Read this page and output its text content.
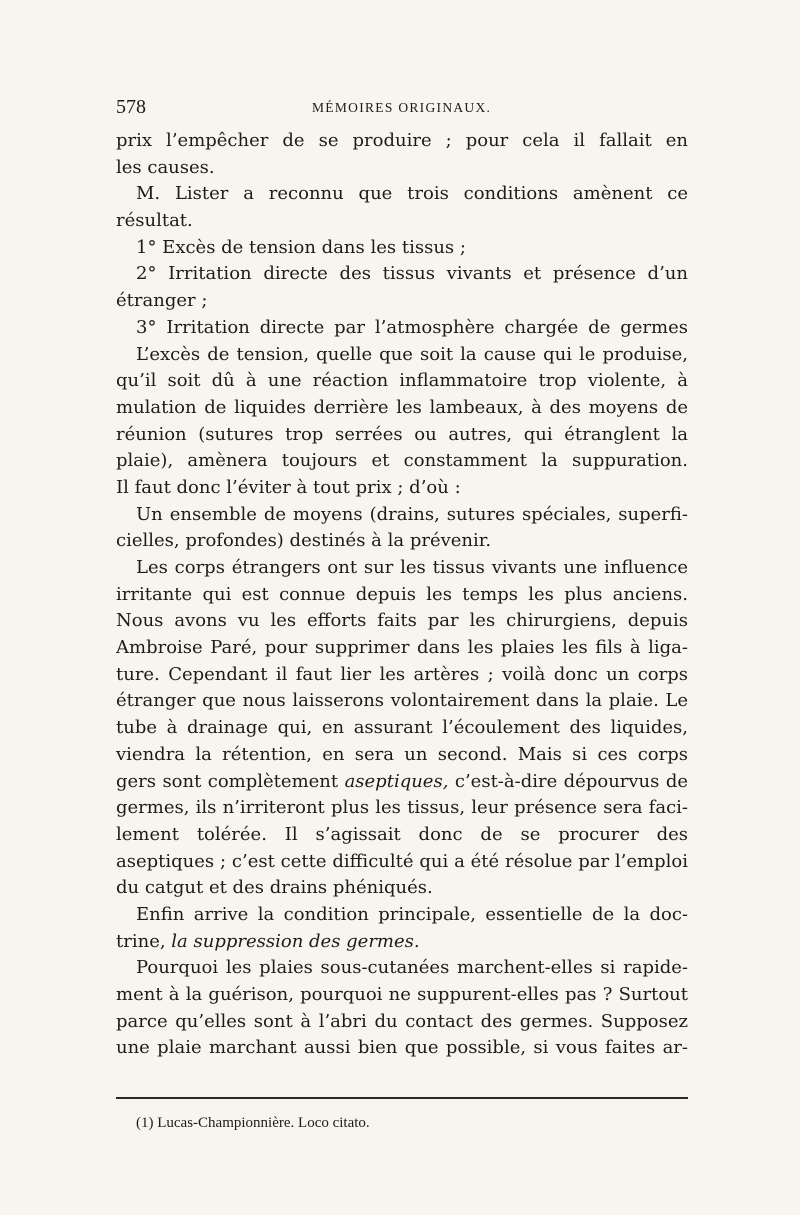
578	MÉMOIRES ORIGINAUX.
prix l’empêcher de se produire ; pour cela il fallait en
les causes.
M. Lister a reconnu que trois conditions amènent ce
résultat.
1° Excès de tension dans les tissus ;
2° Irritation directe des tissus vivants et présence d’un
étranger ;
3° Irritation directe par l’atmosphère chargée de germes
L’excès de tension, quelle que soit la cause qui le produise,
qu’il soit dû à une réaction inflammatoire trop violente, à
mulation de liquides derrière les lambeaux, à des moyens de
réunion (sutures trop serrées ou autres, qui étranglent la
plaie), amènera toujours et constamment la suppuration.
Il faut donc l’éviter à tout prix ; d’où :
Un ensemble de moyens (drains, sutures spéciales, superfi-
cielles, profondes) destinés à la prévenir.
Les corps étrangers ont sur les tissus vivants une influence
irritante qui est connue depuis les temps les plus anciens.
Nous avons vu les efforts faits par les chirurgiens, depuis
Ambroise Paré, pour supprimer dans les plaies les fils à liga-
ture. Cependant il faut lier les artères ; voilà donc un corps
étranger que nous laisserons volontairement dans la plaie. Le
tube à drainage qui, en assurant l’écoulement des liquides,
viendra la rétention, en sera un second. Mais si ces corps
gers sont complètement aseptiques, c’est-à-dire dépourvus de
germes, ils n’irriteront plus les tissus, leur présence sera faci-
lement tolérée. Il s’agissait donc de se procurer des
aseptiques ; c’est cette difficulté qui a été résolue par l’emploi
du catgut et des drains phéniqués.
Enfin arrive la condition principale, essentielle de la doc-
trine, la suppression des germes.
Pourquoi les plaies sous-cutanées marchent-elles si rapide-
ment à la guérison, pourquoi ne suppurent-elles pas ? Surtout
parce qu’elles sont à l’abri du contact des germes. Supposez
une plaie marchant aussi bien que possible, si vous faites ar-
(1) Lucas-Championnière. Loco citato.
